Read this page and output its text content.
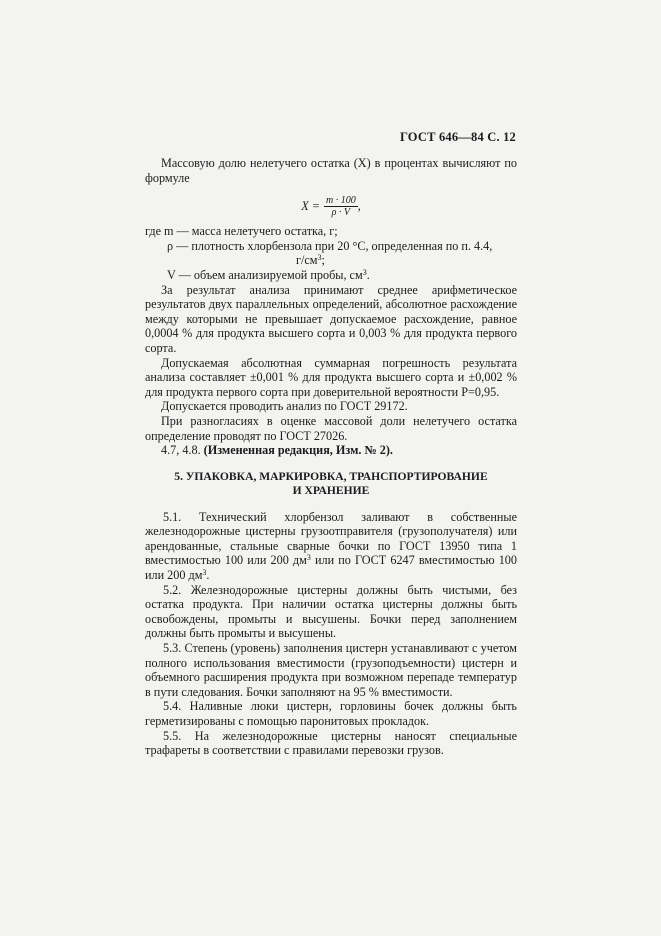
ГОСТ 646—84 С. 12

Массовую долю нелетучего остатка (X) в процентах вычисляют по формуле

$X = \frac{m \cdot 100}{\rho \cdot V}$ ,

где m — масса нелетучего остатка, г;

ρ — плотность хлорбензола при 20 °С, определенная по п. 4.4,

$г/см^3$;

V — объем анализируемой пробы, $см^3$.

За результат анализа принимают среднее арифметическое результатов двух параллельных определений, абсолютное расхождение между которыми не превышает допускаемое расхождение, равное 0,0004 % для продукта высшего сорта и 0,003 % для продукта первого сорта.

Допускаемая абсолютная суммарная погрешность результата анализа составляет ±0,001 % для продукта высшего сорта и ±0,002 % для продукта первого сорта при доверительной вероятности P=0,95.

Допускается проводить анализ по ГОСТ 29172.

При разногласиях в оценке массовой доли нелетучего остатка определение проводят по ГОСТ 27026.

4.7, 4.8. (Измененная редакция, Изм. № 2).

5. УПАКОВКА, МАРКИРОВКА, ТРАНСПОРТИРОВАНИЕ
И ХРАНЕНИЕ

5.1. Технический хлорбензол заливают в собственные железнодорожные цистерны грузоотправителя (грузополучателя) или арендованные, стальные сварные бочки по ГОСТ 13950 типа 1 вместимостью 100 или 200 $дм^3$ или по ГОСТ 6247 вместимостью 100 или 200 $дм^3$.

5.2. Железнодорожные цистерны должны быть чистыми, без остатка продукта. При наличии остатка цистерны должны быть освобождены, промыты и высушены. Бочки перед заполнением должны быть промыты и высушены.

5.3. Степень (уровень) заполнения цистерн устанавливают с учетом полного использования вместимости (грузоподъемности) цистерн и объемного расширения продукта при возможном перепаде температур в пути следования. Бочки заполняют на 95 % вместимости.

5.4. Наливные люки цистерн, горловины бочек должны быть герметизированы с помощью паронитовых прокладок.

5.5. На железнодорожные цистерны наносят специальные трафареты в соответствии с правилами перевозки грузов.
